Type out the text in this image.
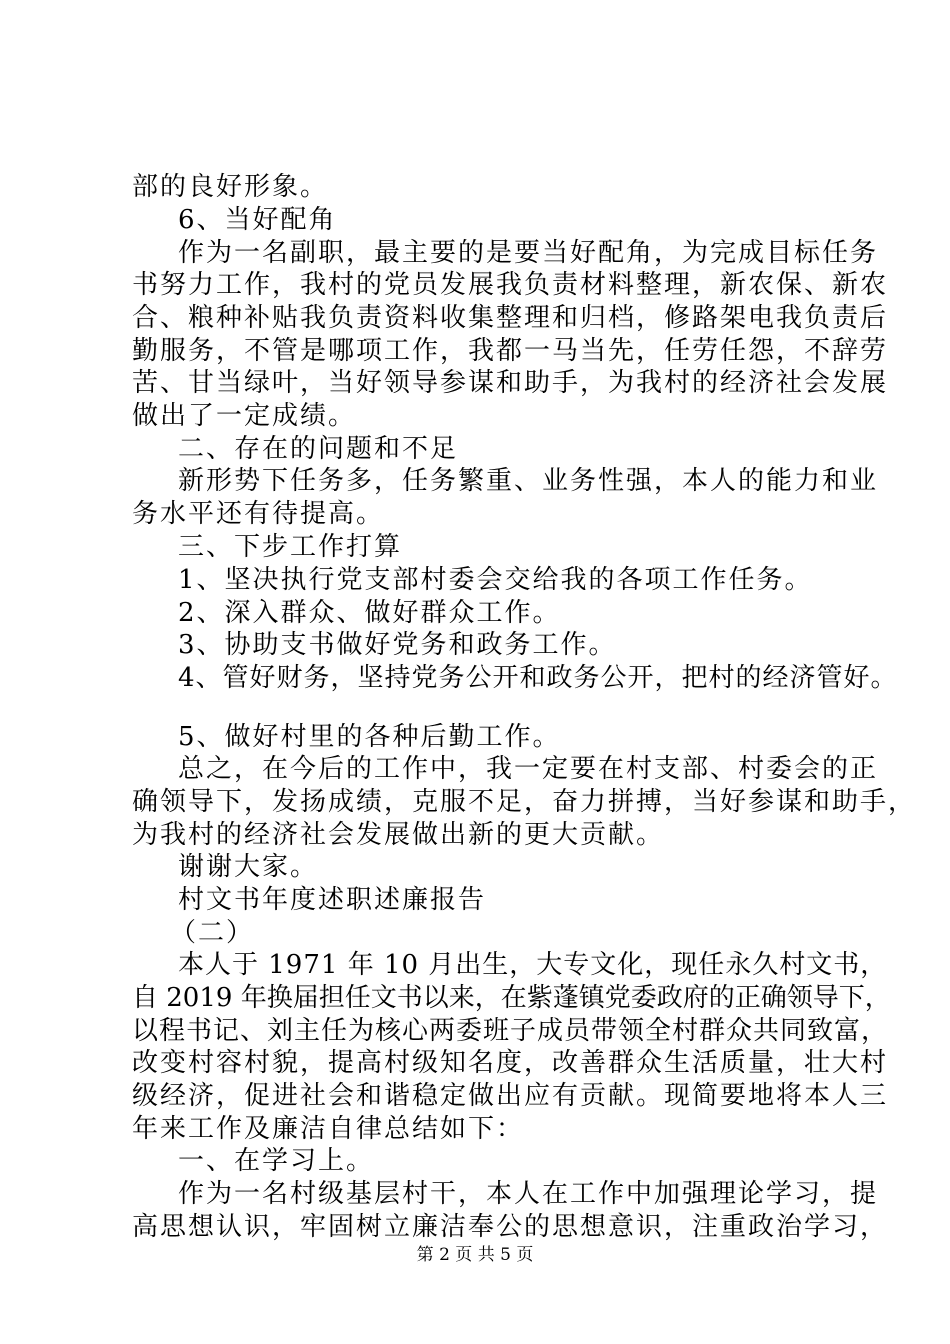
部的良好形象。
6、当好配角
作为一名副职，最主要的是要当好配角，为完成目标任务
书努力工作，我村的党员发展我负责材料整理，新农保、新农
合、粮种补贴我负责资料收集整理和归档，修路架电我负责后
勤服务，不管是哪项工作，我都一马当先，任劳任怨，不辞劳
苦、甘当绿叶，当好领导参谋和助手，为我村的经济社会发展
做出了一定成绩。
二、存在的问题和不足
新形势下任务多，任务繁重、业务性强，本人的能力和业
务水平还有待提高。
三、下步工作打算
1、坚决执行党支部村委会交给我的各项工作任务。
2、深入群众、做好群众工作。
3、协助支书做好党务和政务工作。
4、管好财务，坚持党务公开和政务公开，把村的经济管好。
5、做好村里的各种后勤工作。
总之，在今后的工作中，我一定要在村支部、村委会的正
确领导下，发扬成绩，克服不足，奋力拼搏，当好参谋和助手，
为我村的经济社会发展做出新的更大贡献。
谢谢大家。
村文书年度述职述廉报告
（二）
本人于 1971 年 10 月出生，大专文化，现任永久村文书，
自 2019 年换届担任文书以来，在紫蓬镇党委政府的正确领导下，
以程书记、刘主任为核心两委班子成员带领全村群众共同致富，
改变村容村貌，提高村级知名度，改善群众生活质量，壮大村
级经济，促进社会和谐稳定做出应有贡献。现简要地将本人三
年来工作及廉洁自律总结如下：
一、在学习上。
作为一名村级基层村干，本人在工作中加强理论学习，提
高思想认识，牢固树立廉洁奉公的思想意识，注重政治学习，
第 2 页 共 5 页
